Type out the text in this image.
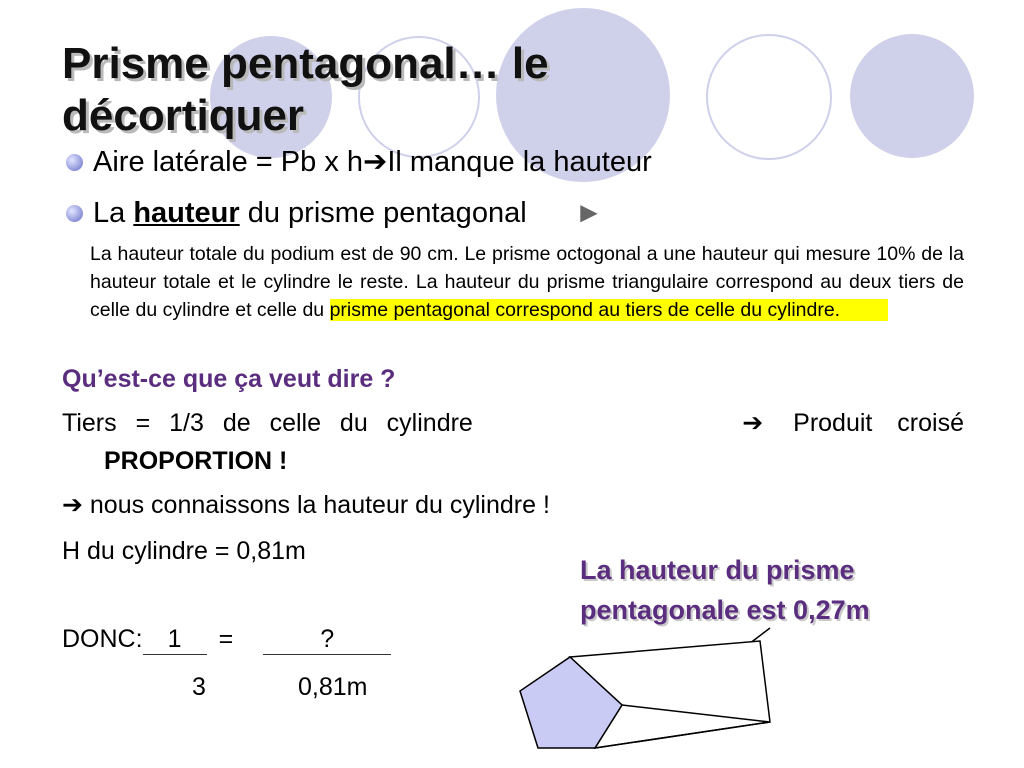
Prisme pentagonal… le décortiquer
Aire latérale = Pb x h ➔ Il manque la hauteur
La hauteur du prisme pentagonal ►
La hauteur totale du podium est de 90 cm. Le prisme octogonal a une hauteur qui mesure 10% de la hauteur totale et le cylindre le reste. La hauteur du prisme triangulaire correspond au deux tiers de celle du cylindre et celle du prisme pentagonal correspond au tiers de celle du cylindre.
Qu’est-ce que ça veut dire ?
Tiers = 1/3 de celle du cylindre	➔ Produit croisé
PROPORTION !
➔ nous connaissons la hauteur du cylindre !
H du cylindre = 0,81m
DONC: 1 =	?
3	0,81m
La hauteur du prisme
pentagonale est 0,27m
